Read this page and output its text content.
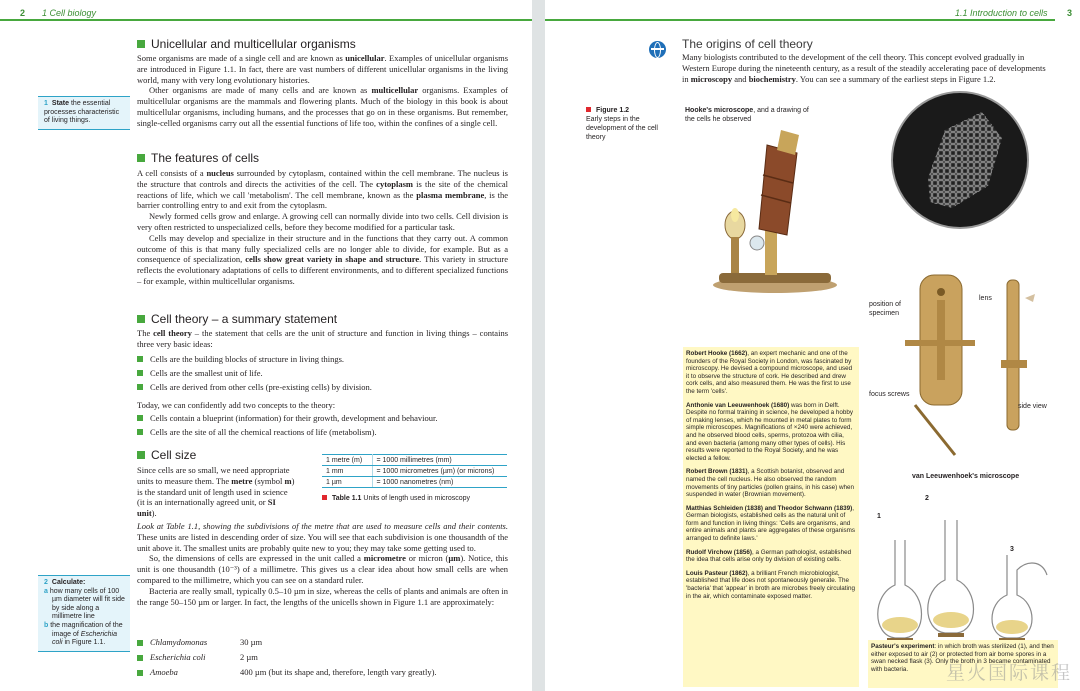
2 1 Cell biology
Unicellular and multicellular organisms

Some organisms are made of a single cell and are known as unicellular. Examples of unicellular organisms are introduced in Figure 1.1. In fact, there are vast numbers of different unicellular organisms in the living world, many with very long evolutionary histories.

Other organisms are made of many cells and are known as multicellular organisms. Examples of multicellular organisms are the mammals and flowering plants. Much of the biology in this book is about multicellular organisms, including humans, and the processes that go on in these organisms. But remember, single-celled organisms carry out all the essential functions of life too, within the confines of a single cell.

1 State the essential processes characteristic of living things.
The features of cells

A cell consists of a nucleus surrounded by cytoplasm, contained within the cell membrane. The nucleus is the structure that controls and directs the activities of the cell. The cytoplasm is the site of the chemical reactions of life, which we call 'metabolism'. The cell membrane, known as the plasma membrane, is the barrier controlling entry to and exit from the cytoplasm.

Newly formed cells grow and enlarge. A growing cell can normally divide into two cells. Cell division is very often restricted to unspecialized cells, before they become modified for a particular task.

Cells may develop and specialize in their structure and in the functions that they carry out. A common outcome of this is that many fully specialized cells are no longer able to divide, for example. But as a consequence of specialization, cells show great variety in shape and structure. This variety in structure reflects the evolutionary adaptations of cells to different environments, and to different specialized functions – for example, within multicellular organisms.

Cell theory – a summary statement

The cell theory – the statement that cells are the unit of structure and function in living things – contains three very basic ideas:

Cells are the building blocks of structure in living things.
Cells are the smallest unit of life.
Cells are derived from other cells (pre-existing cells) by division.

Today, we can confidently add two concepts to the theory:

Cells contain a blueprint (information) for their growth, development and behaviour.
Cells are the site of all the chemical reactions of life (metabolism).
Cell size

Since cells are so small, we need appropriate units to measure them. The metre (symbol m) is the standard unit of length used in science (it is an internationally agreed unit, or SI unit).

Look at Table 1.1, showing the subdivisions of the metre that are used to measure cells and their contents. These units are listed in descending order of size. You will see that each subdivision is one thousandth of the unit above it. The smallest units are probably quite new to you; they may take some getting used to.

So, the dimensions of cells are expressed in the unit called a micrometre or micron (µm). Notice, this unit is one thousandth (10⁻³) of a millimetre. This gives us a clear idea about how small cells are when compared to the millimetre, which you can see on a standard ruler.

Bacteria are really small, typically 0.5–10 µm in size, whereas the cells of plants and animals are often in the range 50–150 µm or larger. In fact, the lengths of the unicells shown in Figure 1.1 are approximately:

Chlamydomonas	30 µm
Escherichia coli	2 µm
Amoeba	400 µm (but its shape and, therefore, length vary greatly).
1 metre (m)	= 1000 millimetres (mm)
1 mm	= 1000 micrometres (µm) (or microns)
1 µm	= 1000 nanometres (nm)
Table 1.1 Units of length used in microscopy
2 Calculate:
a how many cells of 100 µm diameter will fit side by side along a millimetre line
b the magnification of the image of Escherichia coli in Figure 1.1.
1.1 Introduction to cells 3
The origins of cell theory

Many biologists contributed to the development of the cell theory. This concept evolved gradually in Western Europe during the nineteenth century, as a result of the steadily accelerating pace of developments in microscopy and biochemistry. You can see a summary of the earliest steps in Figure 1.2.

Figure 1.2
Early steps in the development of the cell theory
Hooke's microscope, and a drawing of the cells he observed
position of specimen
lens
focus screws
side view
van Leeuwenhoek's microscope
1
2
3

Robert Hooke (1662), an expert mechanic and one of the founders of the Royal Society in London, was fascinated by microscopy. He devised a compound microscope, and used it to observe the structure of cork. He described and drew cork cells, and also measured them. He was the first to use the term 'cells'.

Anthonie van Leeuwenhoek (1680) was born in Delft. Despite no formal training in science, he developed a hobby of making lenses, which he mounted in metal plates to form simple microscopes. Magnifications of ×240 were achieved, and he observed blood cells, sperms, protozoa with cilia, and even bacteria (among many other types of cells). His results were reported to the Royal Society, and he was elected a fellow.

Robert Brown (1831), a Scottish botanist, observed and named the cell nucleus. He also observed the random movements of tiny particles (pollen grains, in his case) when suspended in water (Brownian movement).

Matthias Schleiden (1838) and Theodor Schwann (1839), German biologists, established cells as the natural unit of form and function in living things: 'Cells are organisms, and entire animals and plants are aggregates of these organisms arranged to definite laws.'

Rudolf Virchow (1856), a German pathologist, established the idea that cells arise only by division of existing cells.

Louis Pasteur (1862), a brilliant French microbiologist, established that life does not spontaneously generate. The 'bacteria' that 'appear' in broth are microbes freely circulating in the air, which contaminate exposed matter.

Pasteur's experiment: in which broth was sterilized (1), and then either exposed to air (2) or protected from air borne spores in a swan necked flask (3). Only the broth in 3 became contaminated with bacteria.	星火国际课程
